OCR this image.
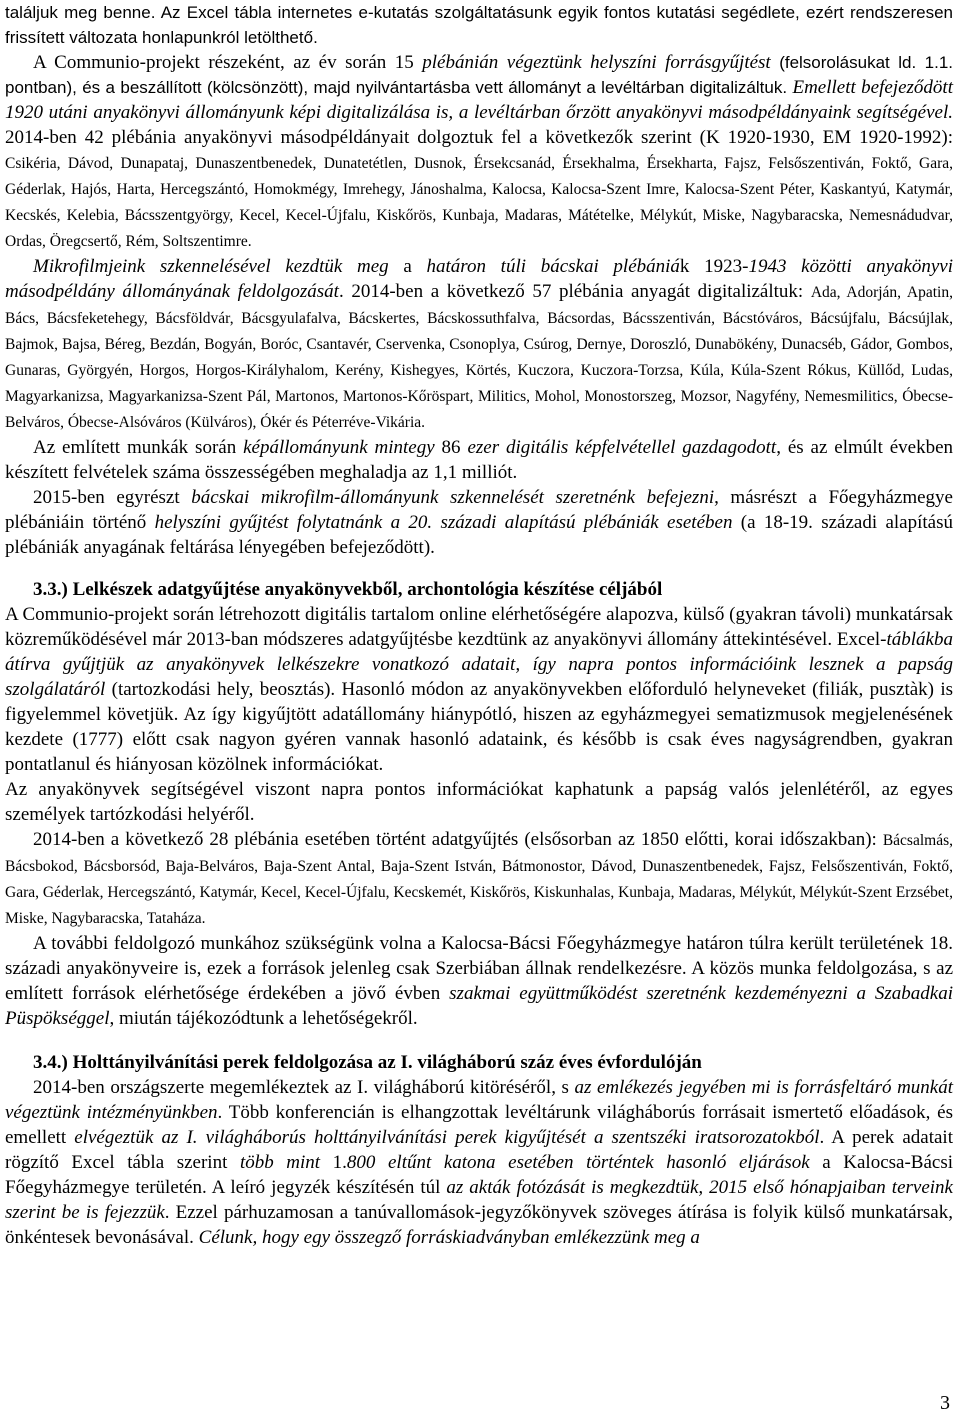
találjuk meg benne. Az Excel tábla internetes e-kutatás szolgáltatásunk egyik fontos kutatási segédlete, ezért rendszeresen frissített változata honlapunkról letölthető.

A Communio-projekt részeként, az év során 15 plébánián végeztünk helyszíni forrásgyűjtést (felsorolásukat ld. 1.1. pontban), és a beszállított (kölcsönzött), majd nyilvántartásba vett állományt a levéltárban digitalizáltuk. Emellett befejeződött 1920 utáni anyakönyvi állományunk képi digitalizálása is, a levéltárban őrzött anyakönyvi másodpéldányaink segítségével. 2014-ben 42 plébánia anyakönyvi másodpéldányait dolgoztuk fel a következők szerint (K 1920-1930, EM 1920-1992): Csikéria, Dávod, Dunapataj, Dunaszentbenedek, Dunatetétlen, Dusnok, Érsekcsanád, Érsekhalma, Érsekharta, Fajsz, Felsőszentiván, Foktő, Gara, Géderlak, Hajós, Harta, Hercegszántó, Homokmégy, Imrehegy, Jánoshalma, Kalocsa, Kalocsa-Szent Imre, Kalocsa-Szent Péter, Kaskantyú, Katymár, Kecskés, Kelebia, Bácsszentgyörgy, Kecel, Kecel-Újfalu, Kiskőrös, Kunbaja, Madaras, Mátételke, Mélykút, Miske, Nagybaracska, Nemesnádudvar, Ordas, Öregcsertő, Rém, Soltszentimre.

Mikrofilmjeink szkennelésével kezdtük meg a határon túli bácskai plébániák 1923-1943 közötti anyakönyvi másodpéldány állományának feldolgozását. 2014-ben a következő 57 plébánia anyagát digitalizáltuk: Ada, Adorján, Apatin, Bács, Bácsfeketehegy, Bácsföldvár, Bácsgyulafalva, Bácskertes, Bácskossuthfalva, Bácsordas, Bácsszentiván, Bácstóváros, Bácsújfalu, Bácsújlak, Bajmok, Bajsa, Béreg, Bezdán, Bogyán, Boróc, Csantavér, Cservenka, Csonoplya, Csúrog, Dernye, Doroszló, Dunabökény, Dunacséb, Gádor, Gombos, Gunaras, Györgyén, Horgos, Horgos-Királyhalom, Kerény, Kishegyes, Körtés, Kuczora, Kuczora-Torzsa, Kúla, Kúla-Szent Rókus, Küllőd, Ludas, Magyarkanizsa, Magyarkanizsa-Szent Pál, Martonos, Martonos-Kőröspart, Militics, Mohol, Monostorszeg, Mozsor, Nagyfény, Nemesmilitics, Óbecse-Belváros, Óbecse-Alsóváros (Külváros), Ókér és Péterréve-Vikária.

Az említett munkák során képállományunk mintegy 86 ezer digitális képfelvétellel gazdagodott, és az elmúlt években készített felvételek száma összességében meghaladja az 1,1 milliót.

2015-ben egyrészt bácskai mikrofilm-állományunk szkennelését szeretnénk befejezni, másrészt a Főegyházmegye plébániáin történő helyszíni gyűjtést folytatnánk a 20. századi alapítású plébániák esetében (a 18-19. századi alapítású plébániák anyagának feltárása lényegében befejeződött).

3.3.) Lelkészek adatgyűjtése anyakönyvekből, archontológia készítése céljából

A Communio-projekt során létrehozott digitális tartalom online elérhetőségére alapozva, külső (gyakran távoli) munkatársak közreműködésével már 2013-ban módszeres adatgyűjtésbe kezdtünk az anyakönyvi állomány áttekintésével. Excel-táblákba átírva gyűjtjük az anyakönyvek lelkészekre vonatkozó adatait, így napra pontos információink lesznek a papság szolgálatáról (tartozkodási hely, beosztás). Hasonló módon az anyakönyvekben előforduló helyneveket (filiák, pusztàk) is figyelemmel követjük. Az így kigyűjtött adatállomány hiánypótló, hiszen az egyházmegyei sematizmusok megjelenésének kezdete (1777) előtt csak nagyon gyéren vannak hasonló adataink, és később is csak éves nagyságrendben, gyakran pontatlanul és hiányosan közölnek információkat.

Az anyakönyvek segítségével viszont napra pontos információkat kaphatunk a papság valós jelenlétéről, az egyes személyek tartózkodási helyéről.

2014-ben a következő 28 plébánia esetében történt adatgyűjtés (elsősorban az 1850 előtti, korai időszakban): Bácsalmás, Bácsbokod, Bácsborsód, Baja-Belváros, Baja-Szent Antal, Baja-Szent István, Bátmonostor, Dávod, Dunaszentbenedek, Fajsz, Felsőszentiván, Foktő, Gara, Géderlak, Hercegszántó, Katymár, Kecel, Kecel-Újfalu, Kecskemét, Kiskőrös, Kiskunhalas, Kunbaja, Madaras, Mélykút, Mélykút-Szent Erzsébet, Miske, Nagybaracska, Tataháza.

A további feldolgozó munkához szükségünk volna a Kalocsa-Bácsi Főegyházmegye határon túlra került területének 18. századi anyakönyveire is, ezek a források jelenleg csak Szerbiában állnak rendelkezésre. A közös munka feldolgozása, s az említett források elérhetősége érdekében a jövő évben szakmai együttműködést szeretnénk kezdeményezni a Szabadkai Püspökséggel, miután tájékozódtunk a lehetőségekről.

3.4.) Holttányilvánítási perek feldolgozása az I. világháború száz éves évfordulóján

2014-ben országszerte megemlékeztek az I. világháború kitöréséről, s az emlékezés jegyében mi is forrásfeltáró munkát végeztünk intézményünkben. Több konferencián is elhangzottak levéltárunk világháborús forrásait ismertető előadások, és emellett elvégeztük az I. világháborús holttányilvánítási perek kigyűjtését a szentszéki iratsorozatokból. A perek adatait rögzítő Excel tábla szerint több mint 1.800 eltűnt katona esetében történtek hasonló eljárások a Kalocsa-Bácsi Főegyházmegye területén. A leíró jegyzék készítésén túl az akták fotózását is megkezdtük, 2015 első hónapjaiban terveink szerint be is fejezzük. Ezzel párhuzamosan a tanúvallomások-jegyzőkönyvek szöveges átírása is folyik külső munkatársak, önkéntesek bevonásával. Célunk, hogy egy összegző forráskiadványban emlékezzünk meg a

3
